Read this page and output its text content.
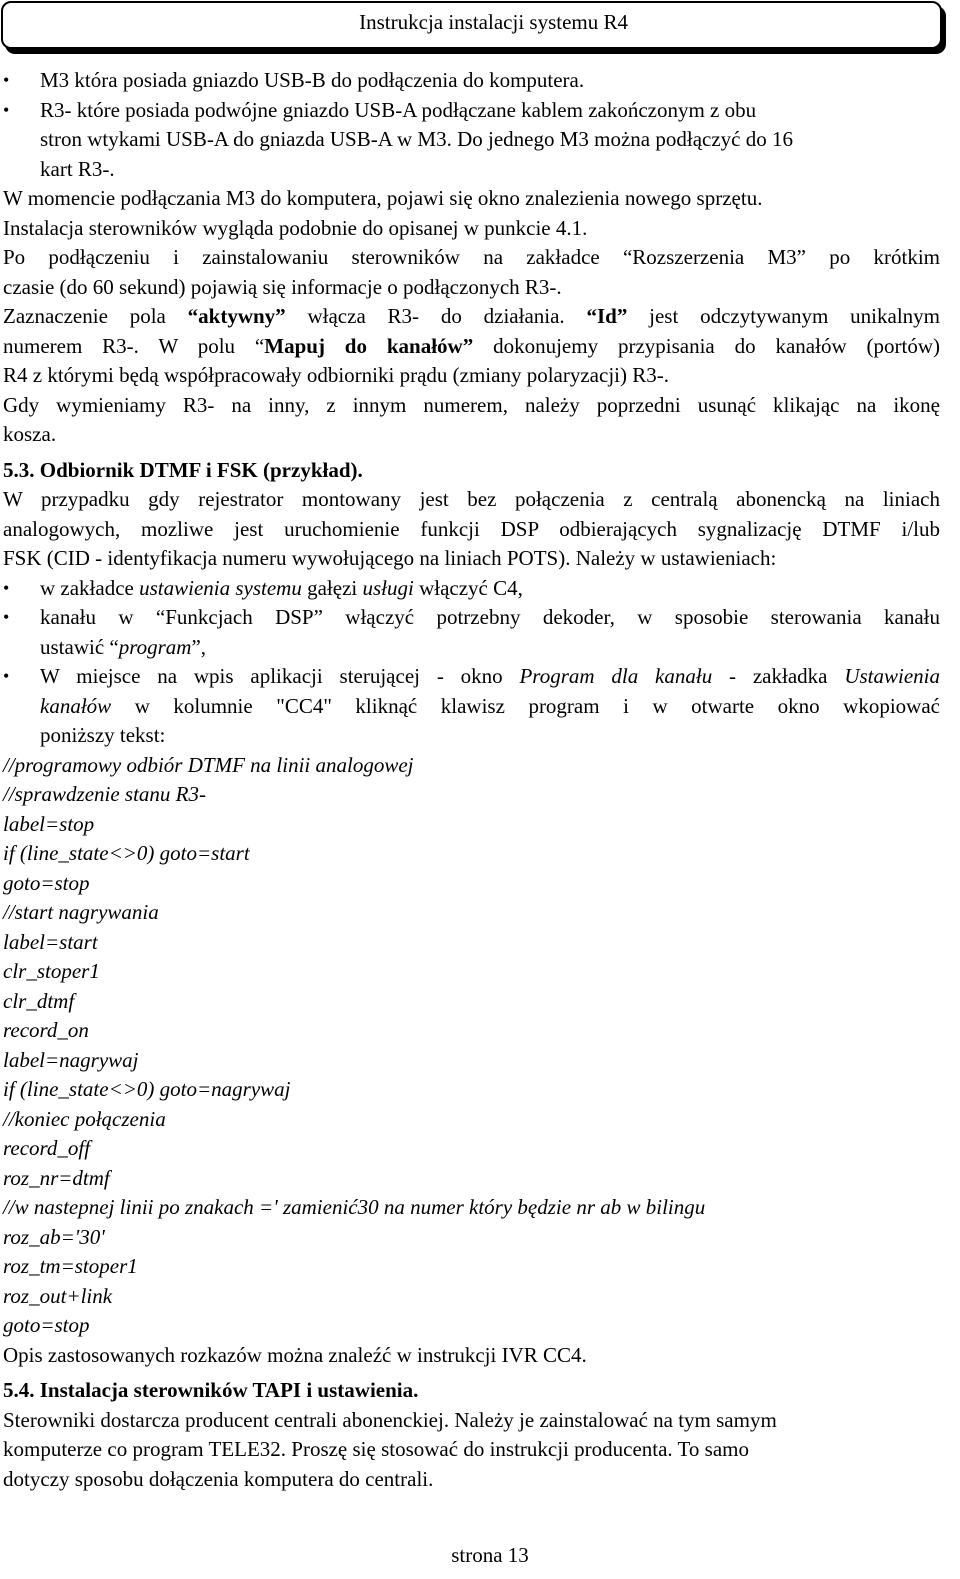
Instrukcja instalacji systemu R4
•	M3 która posiada gniazdo USB-B do podłączenia do komputera.
•	R3- które posiada podwójne gniazdo USB-A podłączane kablem zakończonym z obu
stron wtykami USB-A do gniazda USB-A w M3. Do jednego M3 można podłączyć do 16
kart R3-.
W momencie podłączania M3 do komputera, pojawi się okno znalezienia nowego sprzętu.
Instalacja sterowników wygląda podobnie do opisanej w punkcie 4.1.
Po podłączeniu i zainstalowaniu sterowników na zakładce “Rozszerzenia M3” po krótkim
czasie (do 60 sekund) pojawią się informacje o podłączonych R3-.
Zaznaczenie pola “aktywny” włącza R3- do działania. “Id” jest odczytywanym unikalnym
numerem R3-. W polu “Mapuj do kanałów” dokonujemy przypisania do kanałów (portów)
R4 z którymi będą współpracowały odbiorniki prądu (zmiany polaryzacji) R3-.
Gdy wymieniamy R3- na inny, z innym numerem, należy poprzedni usunąć klikając na ikonę
kosza.
5.3. Odbiornik DTMF i FSK (przykład).
W przypadku gdy rejestrator montowany jest bez połączenia z centralą abonencką na liniach
analogowych, mozliwe jest uruchomienie funkcji DSP odbierających sygnalizację DTMF i/lub
FSK (CID - identyfikacja numeru wywołującego na liniach POTS). Należy w ustawieniach:
•	w zakładce ustawienia systemu gałęzi usługi włączyć C4,
•	kanału w “Funkcjach DSP” włączyć potrzebny dekoder, w sposobie sterowania kanału
ustawić “program”,
•	W miejsce na wpis aplikacji sterującej - okno Program dla kanału - zakładka Ustawienia
kanałów w kolumnie "CC4" kliknąć klawisz program i w otwarte okno wkopiować
poniższy tekst:
//programowy odbiór DTMF na linii analogowej
//sprawdzenie stanu R3-
label=stop
if (line_state<>0) goto=start
goto=stop
//start nagrywania
label=start
clr_stoper1
clr_dtmf
record_on
label=nagrywaj
if (line_state<>0) goto=nagrywaj
//koniec połączenia
record_off
roz_nr=dtmf
//w nastepnej linii po znakach =' zamienić30 na numer który będzie nr ab w bilingu
roz_ab='30'
roz_tm=stoper1
roz_out+link
goto=stop
Opis zastosowanych rozkazów można znaleźć w instrukcji IVR CC4.
5.4. Instalacja sterowników TAPI i ustawienia.
Sterowniki dostarcza producent centrali abonenckiej. Należy je zainstalować na tym samym
komputerze co program TELE32. Proszę się stosować do instrukcji producenta. To samo
dotyczy sposobu dołączenia komputera do centrali.
strona 13
